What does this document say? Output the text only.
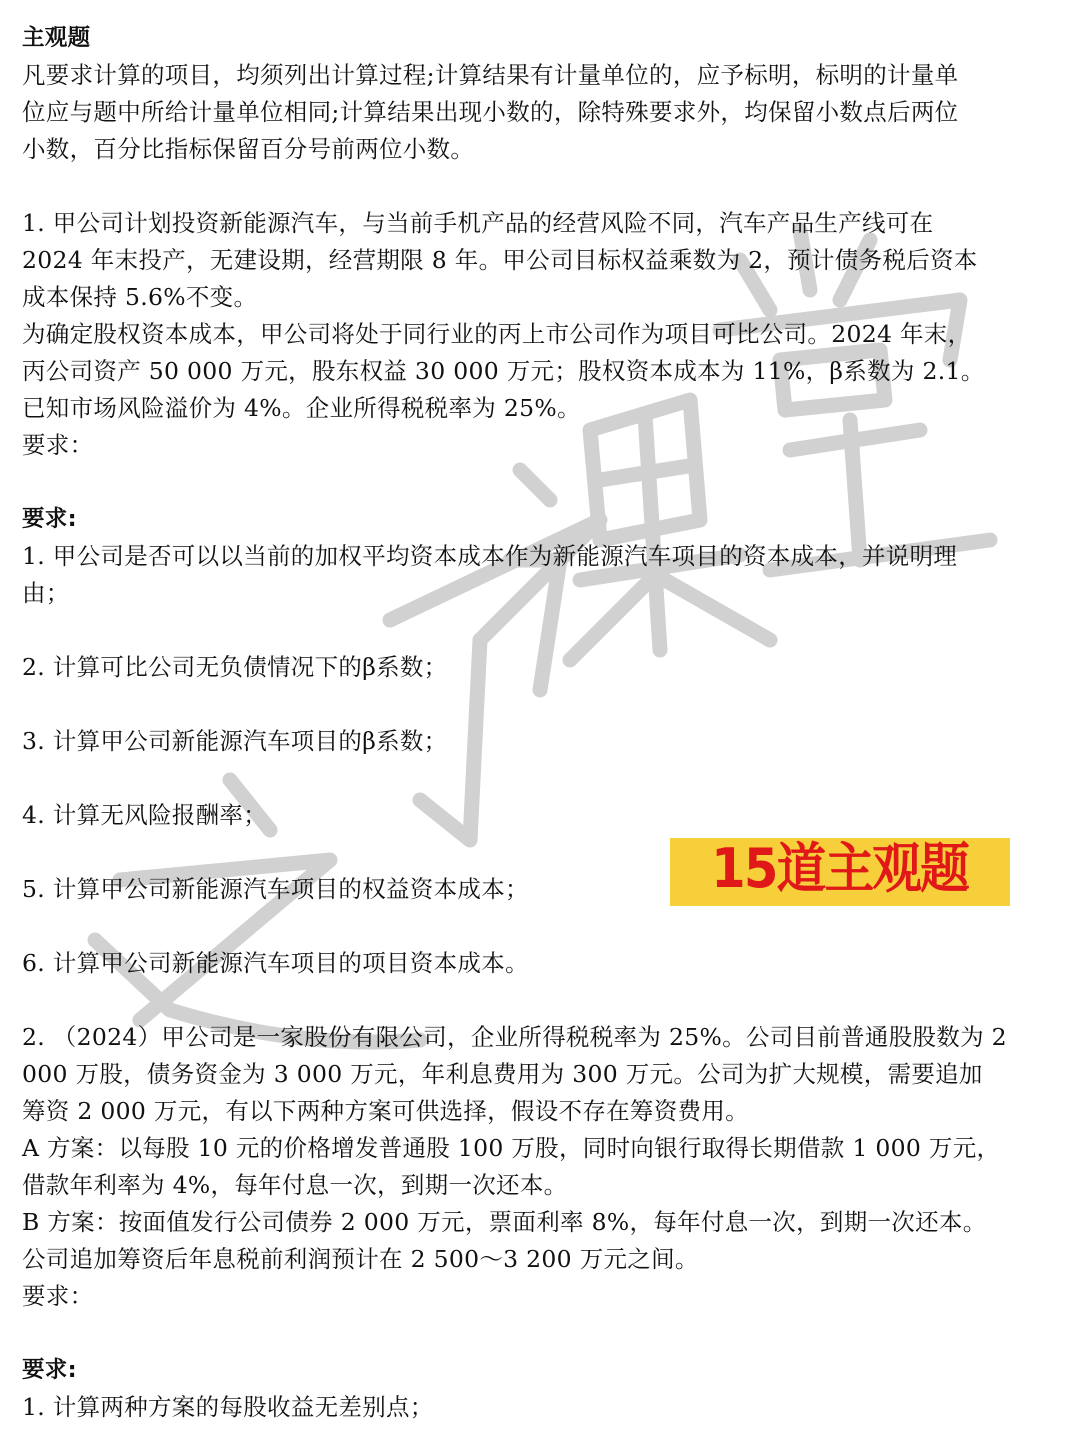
主观题
凡要求计算的项目，均须列出计算过程;计算结果有计量单位的，应予标明，标明的计量单
位应与题中所给计量单位相同;计算结果出现小数的，除特殊要求外，均保留小数点后两位
小数，百分比指标保留百分号前两位小数。
1. 甲公司计划投资新能源汽车，与当前手机产品的经营风险不同，汽车产品生产线可在
2024 年末投产，无建设期，经营期限 8 年。甲公司目标权益乘数为 2，预计债务税后资本
成本保持 5.6%不变。
为确定股权资本成本，甲公司将处于同行业的丙上市公司作为项目可比公司。2024 年末，
丙公司资产 50 000 万元，股东权益 30 000 万元；股权资本成本为 11%，β系数为 2.1。
已知市场风险溢价为 4%。企业所得税税率为 25%。
要求：
要求:
1. 甲公司是否可以以当前的加权平均资本成本作为新能源汽车项目的资本成本，并说明理
由；
2. 计算可比公司无负债情况下的β系数；
3. 计算甲公司新能源汽车项目的β系数；
4. 计算无风险报酬率；
5. 计算甲公司新能源汽车项目的权益资本成本；
6. 计算甲公司新能源汽车项目的项目资本成本。
2. （2024）甲公司是一家股份有限公司，企业所得税税率为 25%。公司目前普通股股数为 2
000 万股，债务资金为 3 000 万元，年利息费用为 300 万元。公司为扩大规模，需要追加
筹资 2 000 万元，有以下两种方案可供选择，假设不存在筹资费用。
A 方案：以每股 10 元的价格增发普通股 100 万股，同时向银行取得长期借款 1 000 万元，
借款年利率为 4%，每年付息一次，到期一次还本。
B 方案：按面值发行公司债券 2 000 万元，票面利率 8%，每年付息一次，到期一次还本。
公司追加筹资后年息税前利润预计在 2 500～3 200 万元之间。
要求：
要求:
1. 计算两种方案的每股收益无差别点；
15道主观题
